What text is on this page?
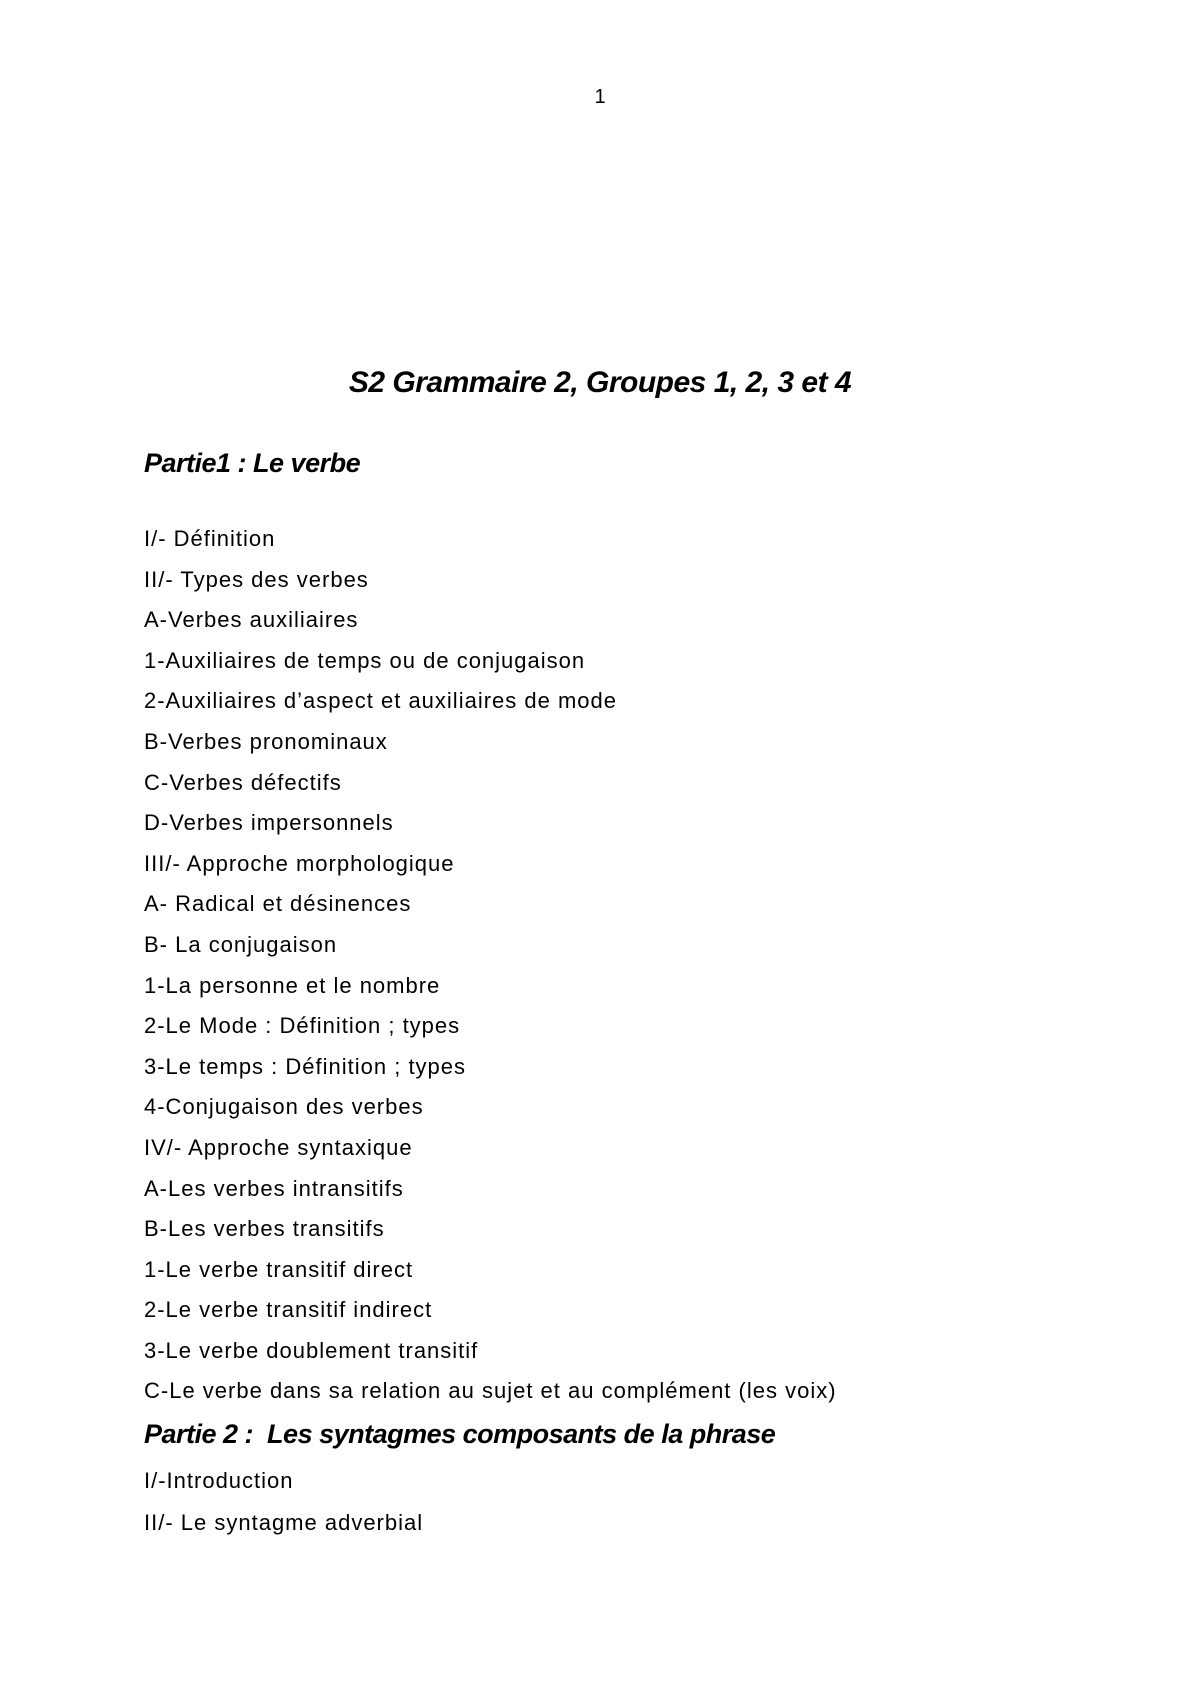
1
S2 Grammaire 2, Groupes 1, 2, 3 et 4
Partie1 : Le verbe
I/- Définition
II/- Types des verbes
A-Verbes auxiliaires
1-Auxiliaires de temps ou de conjugaison
2-Auxiliaires d’aspect et auxiliaires de mode
B-Verbes pronominaux
C-Verbes défectifs
D-Verbes impersonnels
III/- Approche morphologique
A- Radical et désinences
B- La conjugaison
1-La personne et le nombre
2-Le Mode : Définition ; types
3-Le temps : Définition ; types
4-Conjugaison des verbes
IV/- Approche syntaxique
A-Les verbes intransitifs
B-Les verbes transitifs
1-Le verbe transitif direct
2-Le verbe transitif indirect
3-Le verbe doublement transitif
C-Le verbe dans sa relation au sujet et au complément (les voix)
Partie 2 :  Les syntagmes composants de la phrase
I/-Introduction
II/- Le syntagme adverbial
